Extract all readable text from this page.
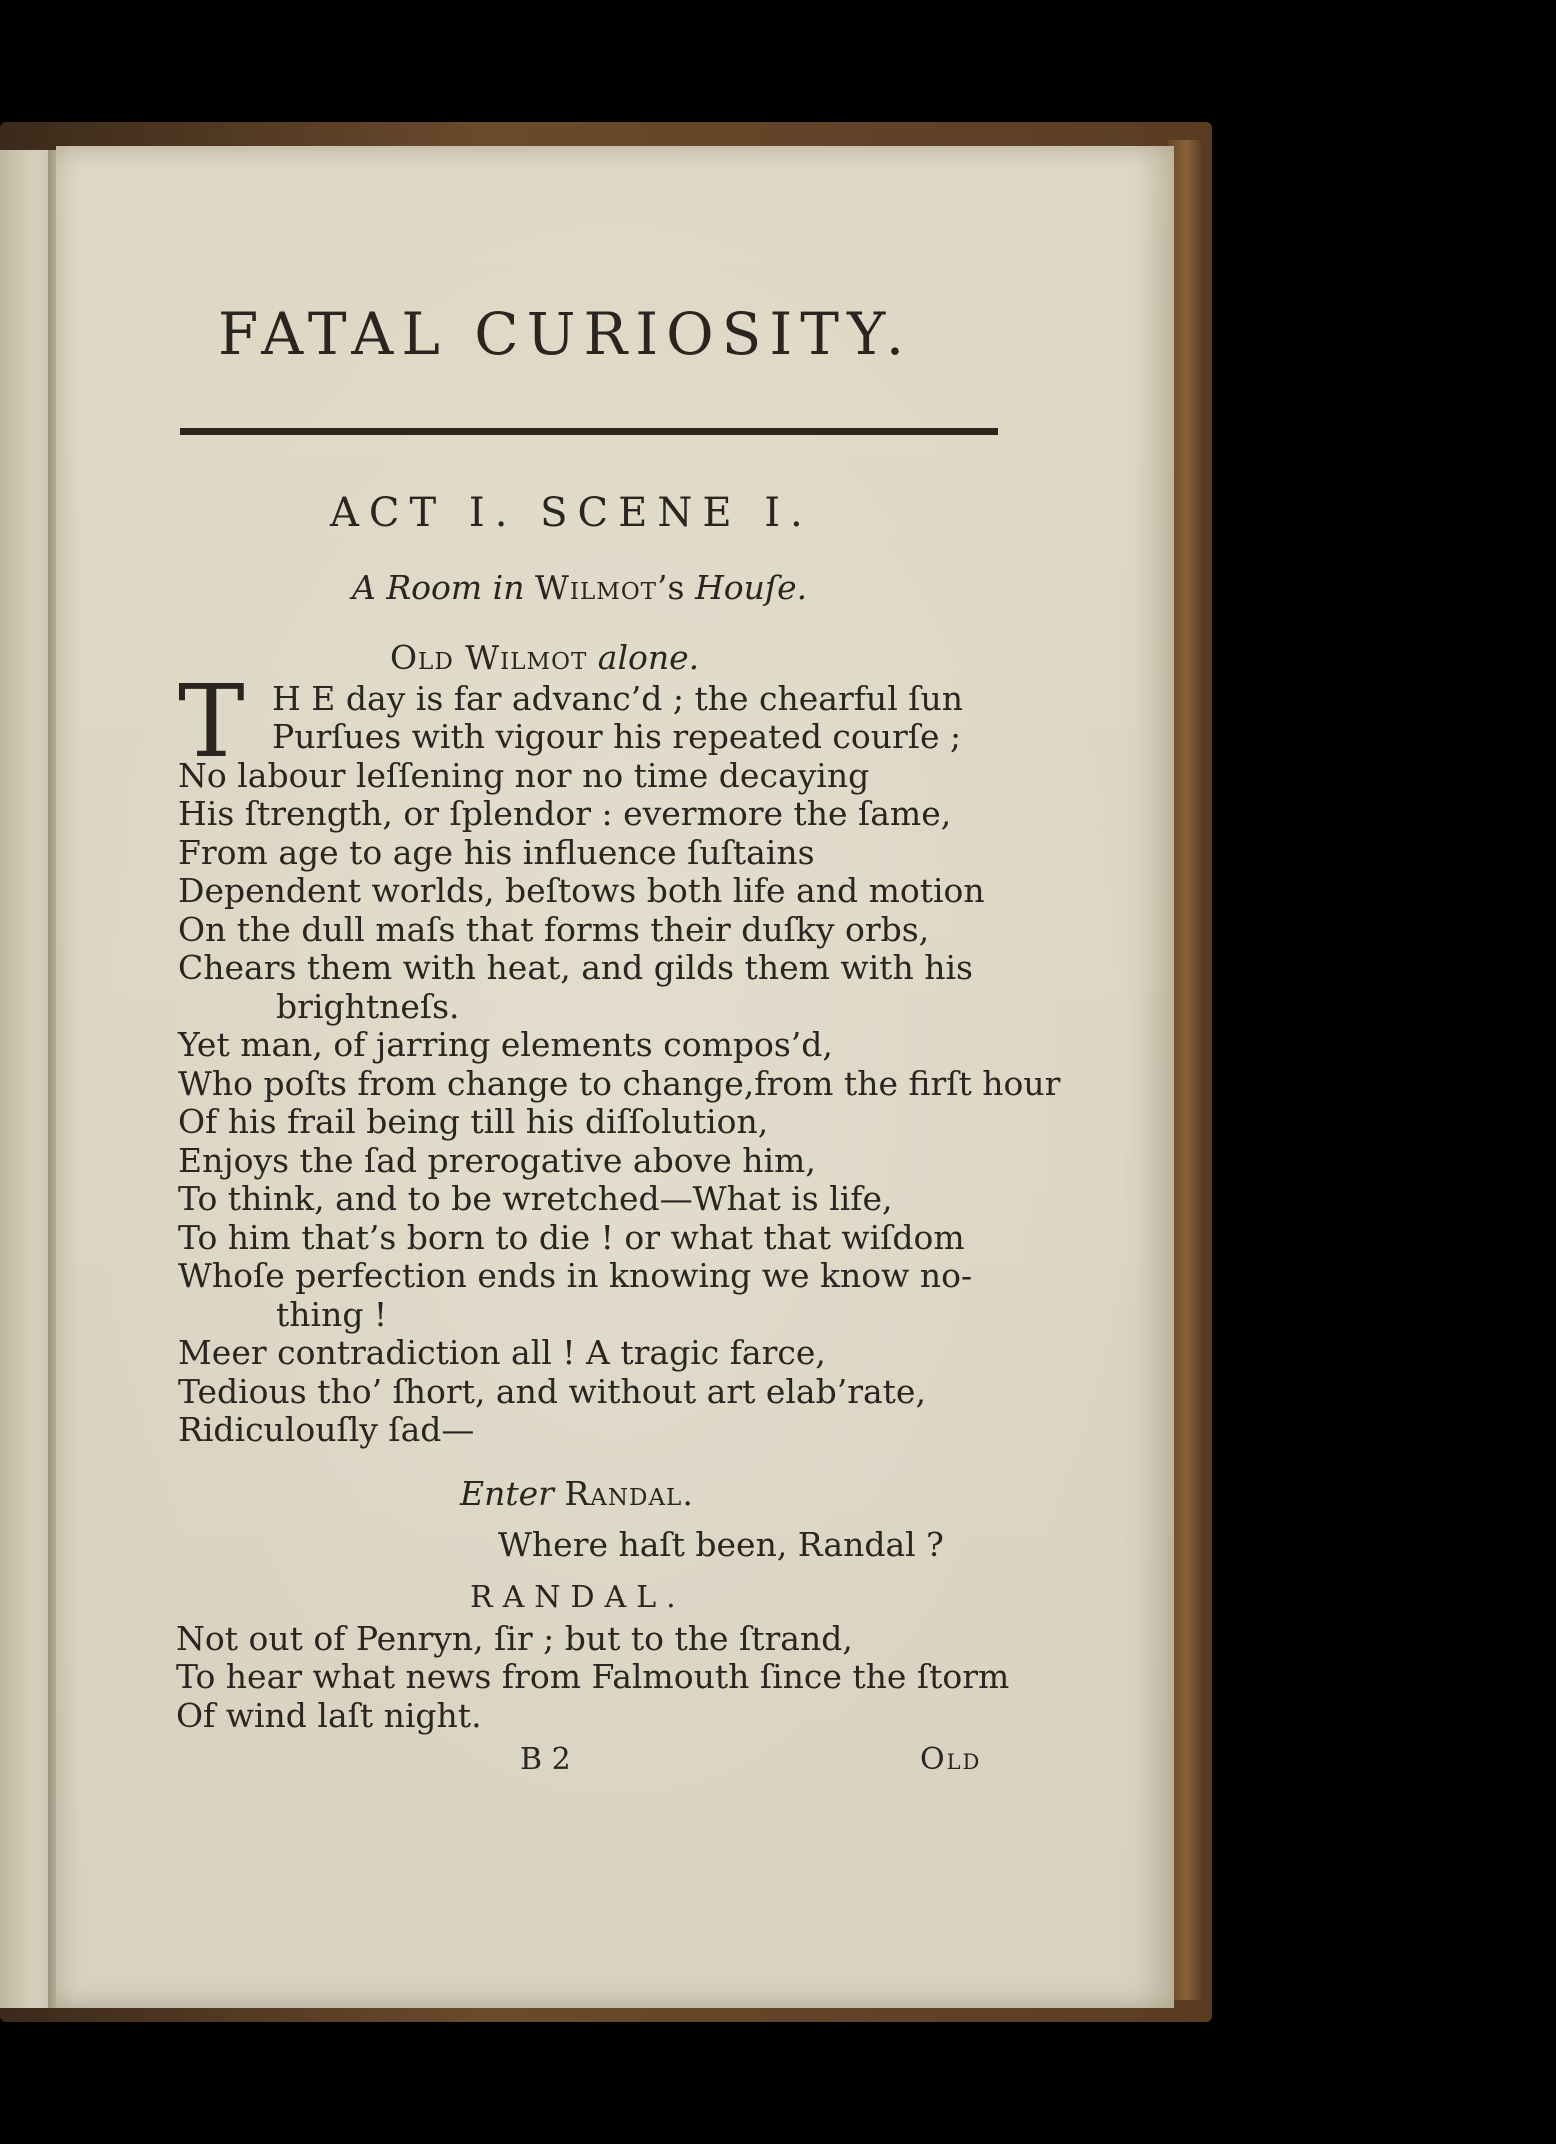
FATAL CURIOSITY.

ACT I. SCENE I.

A Room in Wilmot’s Houſe.

Old Wilmot alone.

T H E day is far advanc’d ; the chearful ſun

Purſues with vigour his repeated courſe ;

No labour leſſening nor no time decaying

His ſtrength, or ſplendor : evermore the ſame,

From age to age his influence ſuſtains

Dependent worlds, beſtows both life and motion

On the dull maſs that forms their duſky orbs,

Chears them with heat, and gilds them with his

brightneſs.

Yet man, of jarring elements compos’d,

Who poſts from change to change,from the firſt hour

Of his frail being till his diſſolution,

Enjoys the ſad prerogative above him,

To think, and to be wretched—What is life,

To him that’s born to die ! or what that wiſdom

Whoſe perfection ends in knowing we know no-

thing !

Meer contradiction all ! A tragic farce,

Tedious tho’ ſhort, and without art elab’rate,

Ridiculouſly ſad—

Enter Randal.

Where haſt been, Randal ?

RANDAL.

Not out of Penryn, ſir ; but to the ſtrand,

To hear what news from Falmouth ſince the ſtorm

Of wind laſt night.

B 2	Old
